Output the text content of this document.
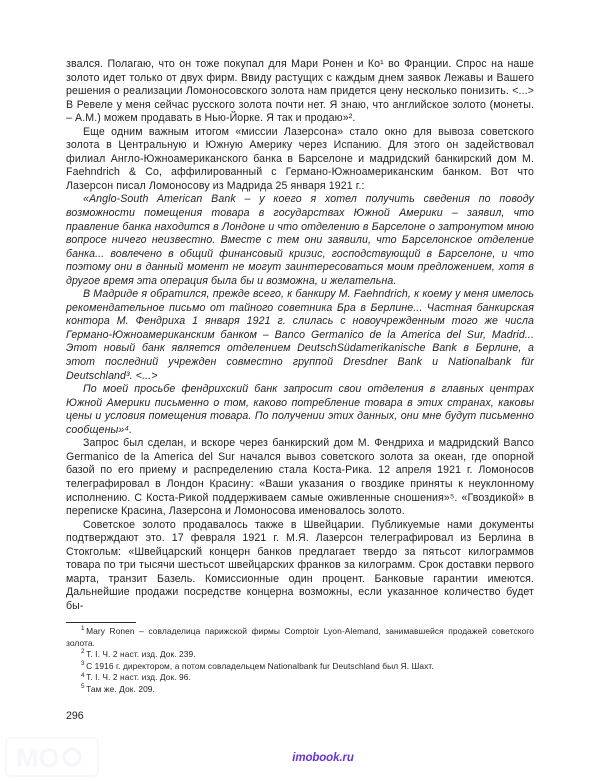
звался. Полагаю, что он тоже покупал для Мари Ронен и Ко¹ во Франции. Спрос на наше золото идет только от двух фирм. Ввиду растущих с каждым днем заявок Лежавы и Вашего решения о реализации Ломоносовского золота нам придется цену несколько понизить. <...> В Ревеле у меня сейчас русского золота почти нет. Я знаю, что английское золото (монеты. – А.М.) можем продавать в Нью-Йорке. Я так и продаю»².

Еще одним важным итогом «миссии Лазерсона» стало окно для вывоза советского золота в Центральную и Южную Америку через Испанию. Для этого он задействовал филиал Англо-Южноамериканского банка в Барселоне и мадридский банкирский дом M. Faehndrich & Co, аффилированный с Германо-Южноамериканским банком. Вот что Лазерсон писал Ломоносову из Мадрида 25 января 1921 г.:

«Anglo-South American Bank – у коего я хотел получить сведения по поводу возможности помещения товара в государствах Южной Америки – заявил, что правление банка находится в Лондоне и что отделению в Барселоне о затронутом мною вопросе ничего неизвестно. Вместе с тем они заявили, что Барселонское отделение банка... вовлечено в общий финансовый кризис, господствующий в Барселоне, и что поэтому они в данный момент не могут заинтересоваться моим предложением, хотя в другое время эта операция была бы и возможна, и желательна.

В Мадриде я обратился, прежде всего, к банкиру M. Faehndrich, к коему у меня имелось рекомендательное письмо от тайного советника Бра в Берлине... Частная банкирская контора М. Фендриха 1 января 1921 г. слилась с новоучрежденным того же числа Германо-Южноамериканским банком – Banco Germanico de la America del Sur, Madrid... Этот новый банк является отделением DeutschSüdamerikanische Bank в Берлине, а этот последний учрежден совместно группой Dresdner Bank и Nationalbank für Deutschland³. <...>

По моей просьбе фендрихский банк запросит свои отделения в главных центрах Южной Америки письменно о том, каково потребление товара в этих странах, каковы цены и условия помещения товара. По получении этих данных, они мне будут письменно сообщены»⁴.

Запрос был сделан, и вскоре через банкирский дом М. Фендриха и мадридский Banco Germanico de la America del Sur начался вывоз советского золота за океан, где опорной базой по его приему и распределению стала Коста-Рика. 12 апреля 1921 г. Ломоносов телеграфировал в Лондон Красину: «Ваши указания о гвоздике приняты к неуклонному исполнению. С Коста-Рикой поддерживаем самые оживленные сношения»⁵. «Гвоздикой» в переписке Красина, Лазерсона и Ломоносова именовалось золото.

Советское золото продавалось также в Швейцарии. Публикуемые нами документы подтверждают это. 17 февраля 1921 г. М.Я. Лазерсон телеграфировал из Берлина в Стокгольм: «Швейцарский концерн банков предлагает твердо за пятьсот килограммов товара по три тысячи шестьсот швейцарских франков за килограмм. Срок доставки первого марта, транзит Базель. Комиссионные один процент. Банковые гарантии имеются. Дальнейшие продажи посредстве концерна возможны, если указанное количество будет бы-

$^1$ Mary Ronen – совладелица парижской фирмы Comptoir Lyon-Alemand, занимавшейся продажей советского золота.

$^2$ Т. I. Ч. 2 наст. изд. Док. 239.

$^3$ С 1916 г. директором, а потом совладельцем Nationalbank fur Deutschland был Я. Шахт.

$^4$ Т. I. Ч. 2 наст. изд. Док. 96.

$^5$ Там же. Док. 209.

296
MO	imobook.ru
